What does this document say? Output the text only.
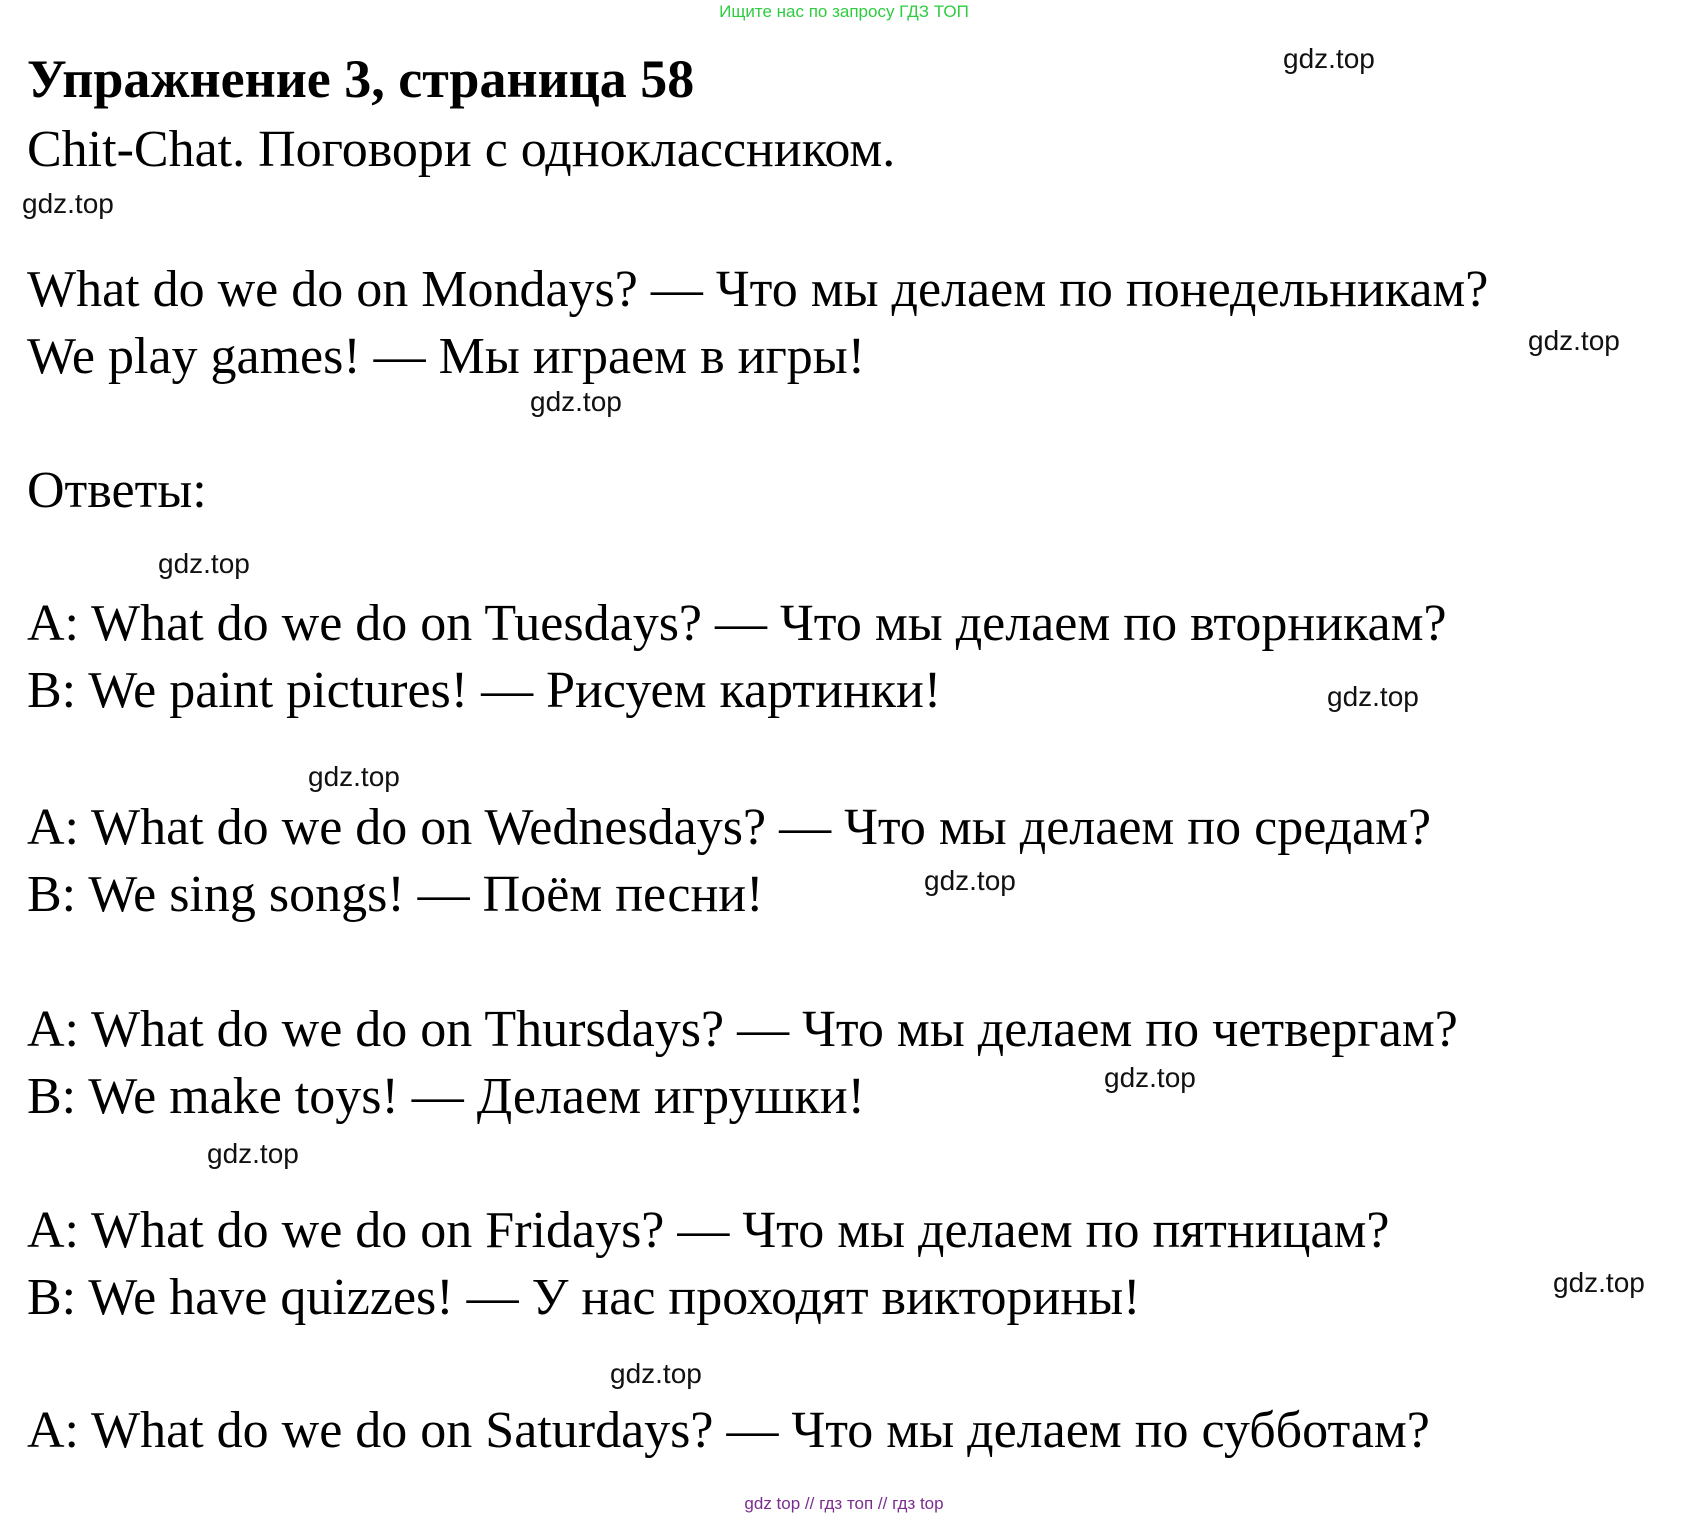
Ищите нас по запросу ГДЗ ТОП
Упражнение 3, страница 58
Chit-Chat. Поговори с одноклассником.
What do we do on Mondays? — Что мы делаем по понедельникам?
We play games! — Мы играем в игры!
Ответы:
A: What do we do on Tuesdays? — Что мы делаем по вторникам?
B: We paint pictures! — Рисуем картинки!
A: What do we do on Wednesdays? — Что мы делаем по средам?
B: We sing songs! — Поём песни!
A: What do we do on Thursdays? — Что мы делаем по четвергам?
B: We make toys! — Делаем игрушки!
A: What do we do on Fridays? — Что мы делаем по пятницам?
B: We have quizzes! — У нас проходят викторины!
A: What do we do on Saturdays? — Что мы делаем по субботам?
gdz.top
gdz.top
gdz.top
gdz.top
gdz.top
gdz.top
gdz.top
gdz.top
gdz.top
gdz.top
gdz.top
gdz.top
gdz top // гдз топ // гдз top
